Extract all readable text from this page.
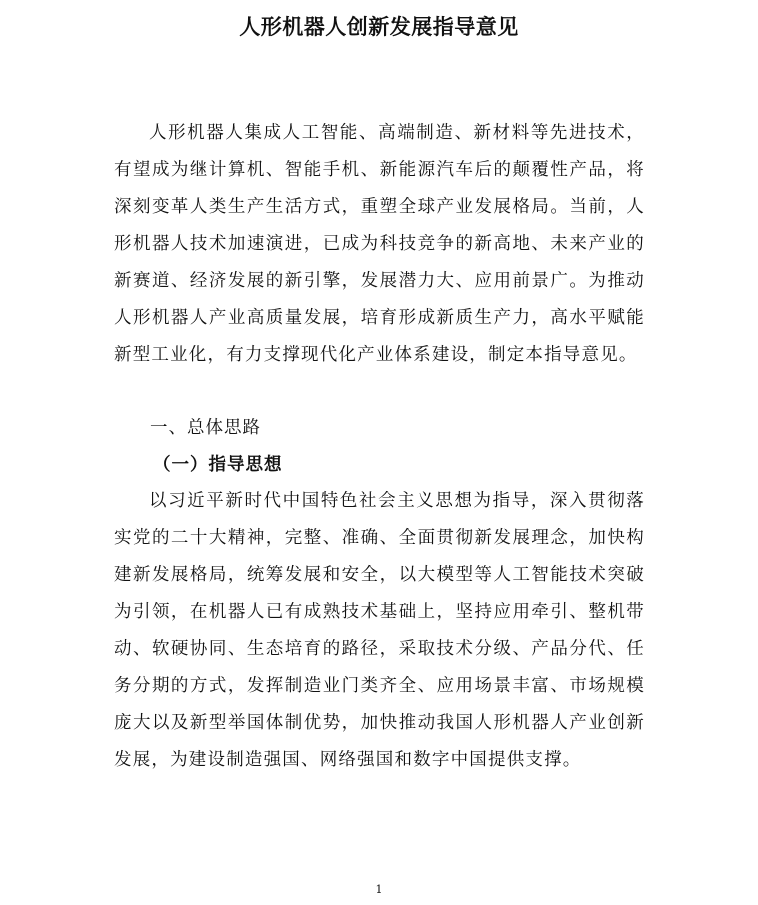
人形机器人创新发展指导意见

人形机器人集成人工智能、高端制造、新材料等先进技术，有望成为继计算机、智能手机、新能源汽车后的颠覆性产品，将深刻变革人类生产生活方式，重塑全球产业发展格局。当前，人形机器人技术加速演进，已成为科技竞争的新高地、未来产业的新赛道、经济发展的新引擎，发展潜力大、应用前景广。为推动人形机器人产业高质量发展，培育形成新质生产力，高水平赋能新型工业化，有力支撑现代化产业体系建设，制定本指导意见。

一、总体思路
（一）指导思想

以习近平新时代中国特色社会主义思想为指导，深入贯彻落实党的二十大精神，完整、准确、全面贯彻新发展理念，加快构建新发展格局，统筹发展和安全，以大模型等人工智能技术突破为引领，在机器人已有成熟技术基础上，坚持应用牵引、整机带动、软硬协同、生态培育的路径，采取技术分级、产品分代、任务分期的方式，发挥制造业门类齐全、应用场景丰富、市场规模庞大以及新型举国体制优势，加快推动我国人形机器人产业创新发展，为建设制造强国、网络强国和数字中国提供支撑。

1
